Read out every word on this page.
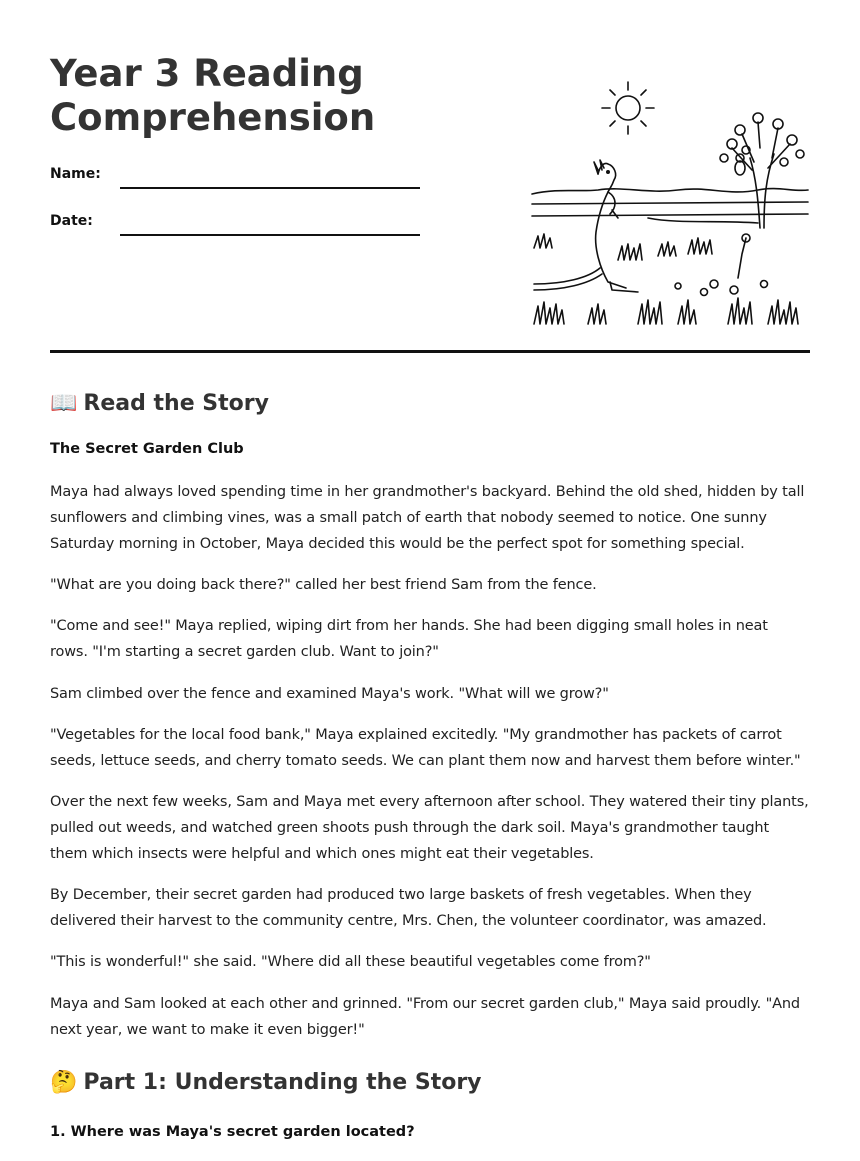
Year 3 Reading
Comprehension
Name:
Date:
📖 Read the Story
The Secret Garden Club

Maya had always loved spending time in her grandmother's backyard. Behind the old shed, hidden by tall sunflowers and climbing vines, was a small patch of earth that nobody seemed to notice. One sunny Saturday morning in October, Maya decided this would be the perfect spot for something special.

"What are you doing back there?" called her best friend Sam from the fence.

"Come and see!" Maya replied, wiping dirt from her hands. She had been digging small holes in neat rows. "I'm starting a secret garden club. Want to join?"

Sam climbed over the fence and examined Maya's work. "What will we grow?"

"Vegetables for the local food bank," Maya explained excitedly. "My grandmother has packets of carrot seeds, lettuce seeds, and cherry tomato seeds. We can plant them now and harvest them before winter."

Over the next few weeks, Sam and Maya met every afternoon after school. They watered their tiny plants, pulled out weeds, and watched green shoots push through the dark soil. Maya's grandmother taught them which insects were helpful and which ones might eat their vegetables.

By December, their secret garden had produced two large baskets of fresh vegetables. When they delivered their harvest to the community centre, Mrs. Chen, the volunteer coordinator, was amazed.

"This is wonderful!" she said. "Where did all these beautiful vegetables come from?"

Maya and Sam looked at each other and grinned. "From our secret garden club," Maya said proudly. "And next year, we want to make it even bigger!"

🤔 Part 1: Understanding the Story
1. Where was Maya's secret garden located?
